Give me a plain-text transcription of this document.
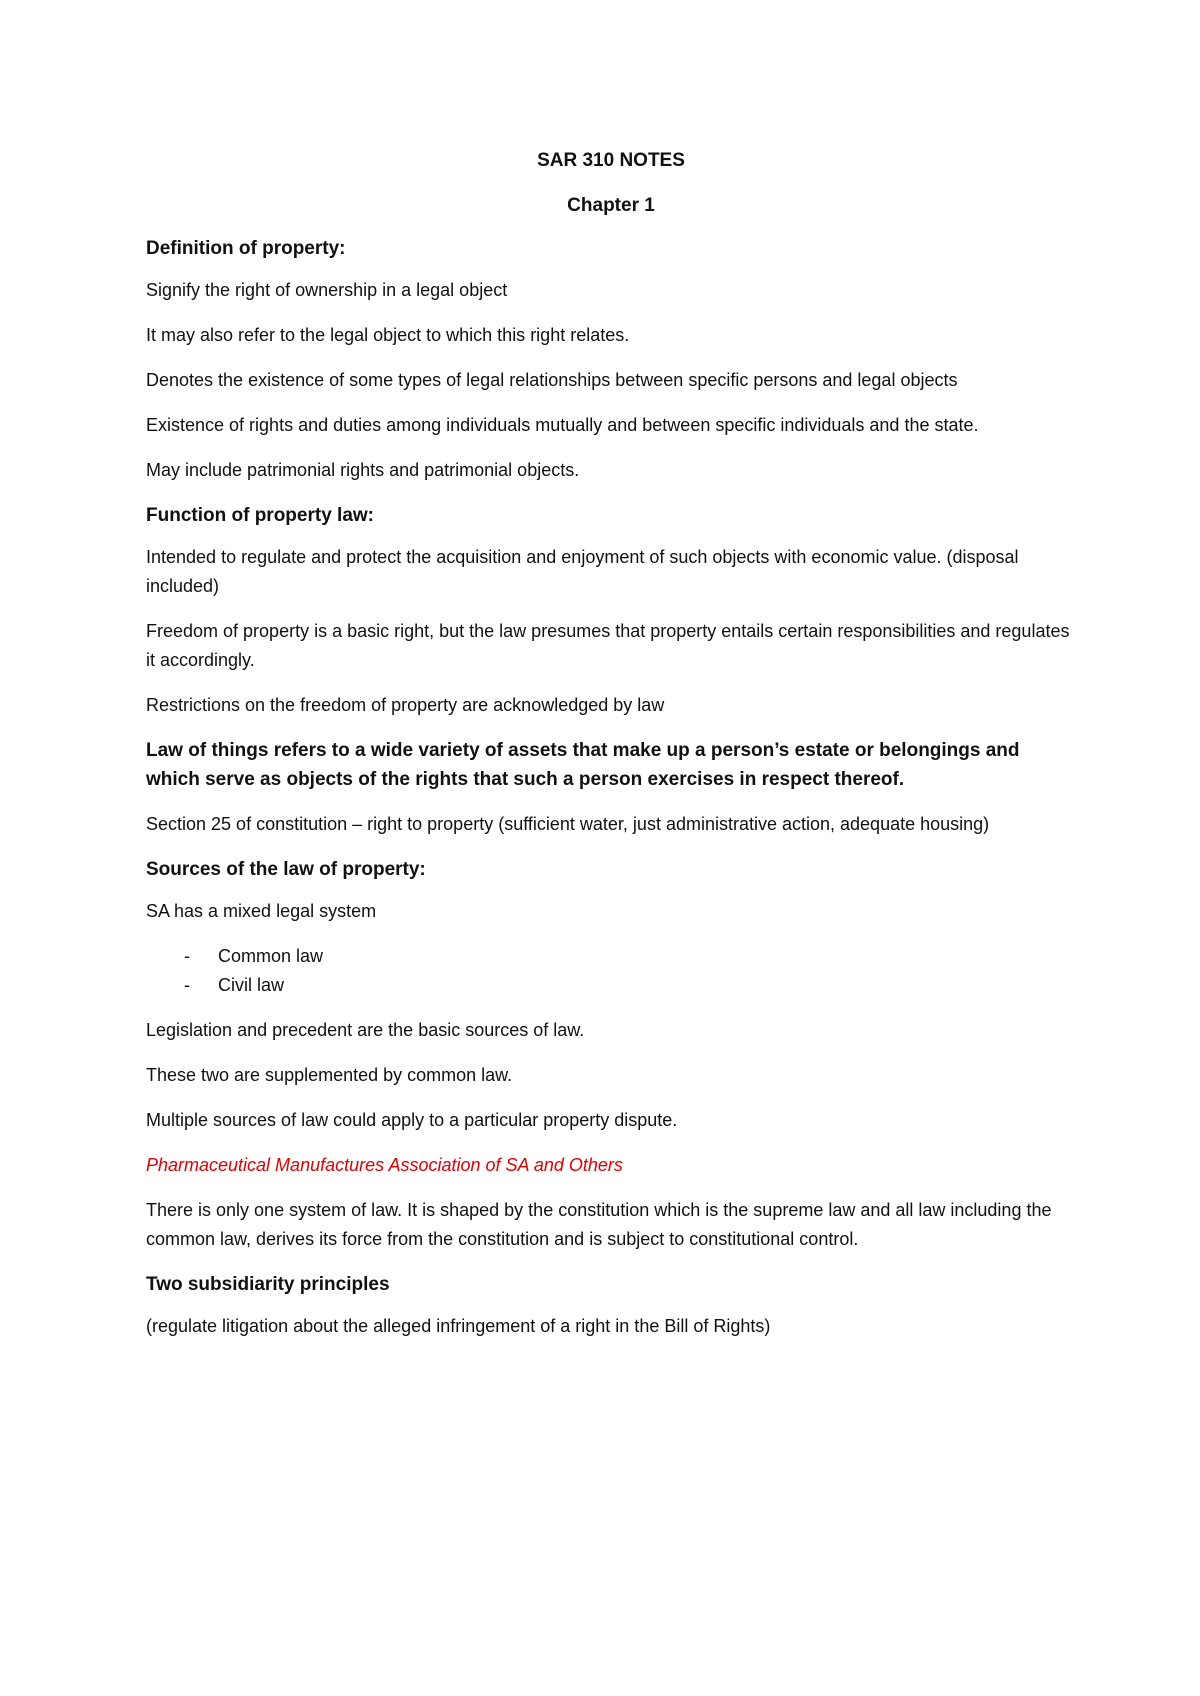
SAR 310 NOTES
Chapter 1
Definition of property:

Signify the right of ownership in a legal object

It may also refer to the legal object to which this right relates.

Denotes the existence of some types of legal relationships between specific persons and legal objects

Existence of rights and duties among individuals mutually and between specific individuals and the state.

May include patrimonial rights and patrimonial objects.

Function of property law:

Intended to regulate and protect the acquisition and enjoyment of such objects with economic value. (disposal included)

Freedom of property is a basic right, but the law presumes that property entails certain responsibilities and regulates it accordingly.

Restrictions on the freedom of property are acknowledged by law

Law of things refers to a wide variety of assets that make up a person’s estate or belongings and which serve as objects of the rights that such a person exercises in respect thereof.

Section 25 of constitution – right to property (sufficient water, just administrative action, adequate housing)

Sources of the law of property:

SA has a mixed legal system

- Common law
- Civil law

Legislation and precedent are the basic sources of law.

These two are supplemented by common law.

Multiple sources of law could apply to a particular property dispute.

Pharmaceutical Manufactures Association of SA and Others

There is only one system of law. It is shaped by the constitution which is the supreme law and all law including the common law, derives its force from the constitution and is subject to constitutional control.

Two subsidiarity principles

(regulate litigation about the alleged infringement of a right in the Bill of Rights)
